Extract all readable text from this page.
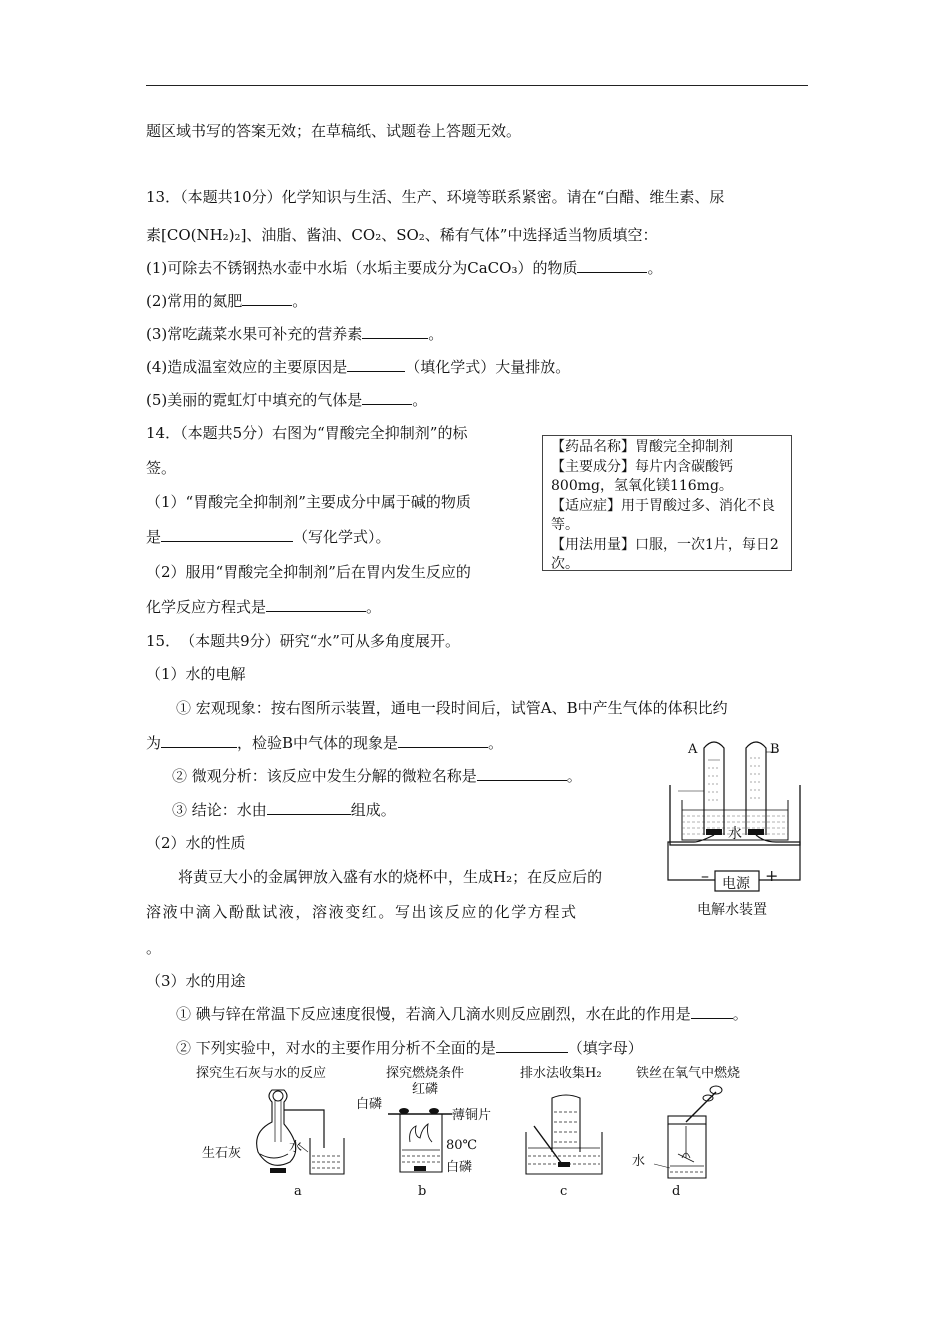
题区域书写的答案无效；在草稿纸、试题卷上答题无效。
13．（本题共10分）化学知识与生活、生产、环境等联系紧密。请在“白醋、维生素、尿
素[CO(NH₂)₂]、油脂、酱油、CO₂、SO₂、稀有气体”中选择适当物质填空：
(1)可除去不锈钢热水壶中水垢（水垢主要成分为CaCO₃）的物质	。
(2)常用的氮肥	。
(3)常吃蔬菜水果可补充的营养素	。
(4)造成温室效应的主要原因是	（填化学式）大量排放。
(5)美丽的霓虹灯中填充的气体是	。
14．（本题共5分）右图为“胃酸完全抑制剂”的标
签。
（1）“胃酸完全抑制剂”主要成分中属于碱的物质
是	（写化学式）。
（2）服用“胃酸完全抑制剂”后在胃内发生反应的
化学反应方程式是	。
【药品名称】胃酸完全抑制剂
【主要成分】每片内含碳酸钙800mg，氢氧化镁116mg。
【适应症】用于胃酸过多、消化不良等。
【用法用量】口服，一次1片，每日2次。
15．　（本题共9分）研究“水”可从多角度展开。
（1）水的电解
① 宏观现象：按右图所示装置，通电一段时间后，试管A、B中产生气体的体积比约
为	，检验B中气体的现象是	。
② 微观分析：该反应中发生分解的微粒名称是	。
③ 结论：水由	组成。
（2）水的性质
将黄豆大小的金属钾放入盛有水的烧杯中，生成H₂；在反应后的
溶液中滴入酚酞试液，溶液变红。写出该反应的化学方程式
。
（3）水的用途
① 碘与锌在常温下反应速度很慢，若滴入几滴水则反应剧烈，水在此的作用是	。
② 下列实验中，对水的主要作用分析不全面的是	（填字母）
A	B
水
– 电源 +
电解水装置
探究生石灰与水的反应	探究燃烧条件	排水法收集H₂	铁丝在氧气中燃烧
生石灰	水
a
白磷
红磷
薄铜片
80℃
白磷
b	c
水
d
